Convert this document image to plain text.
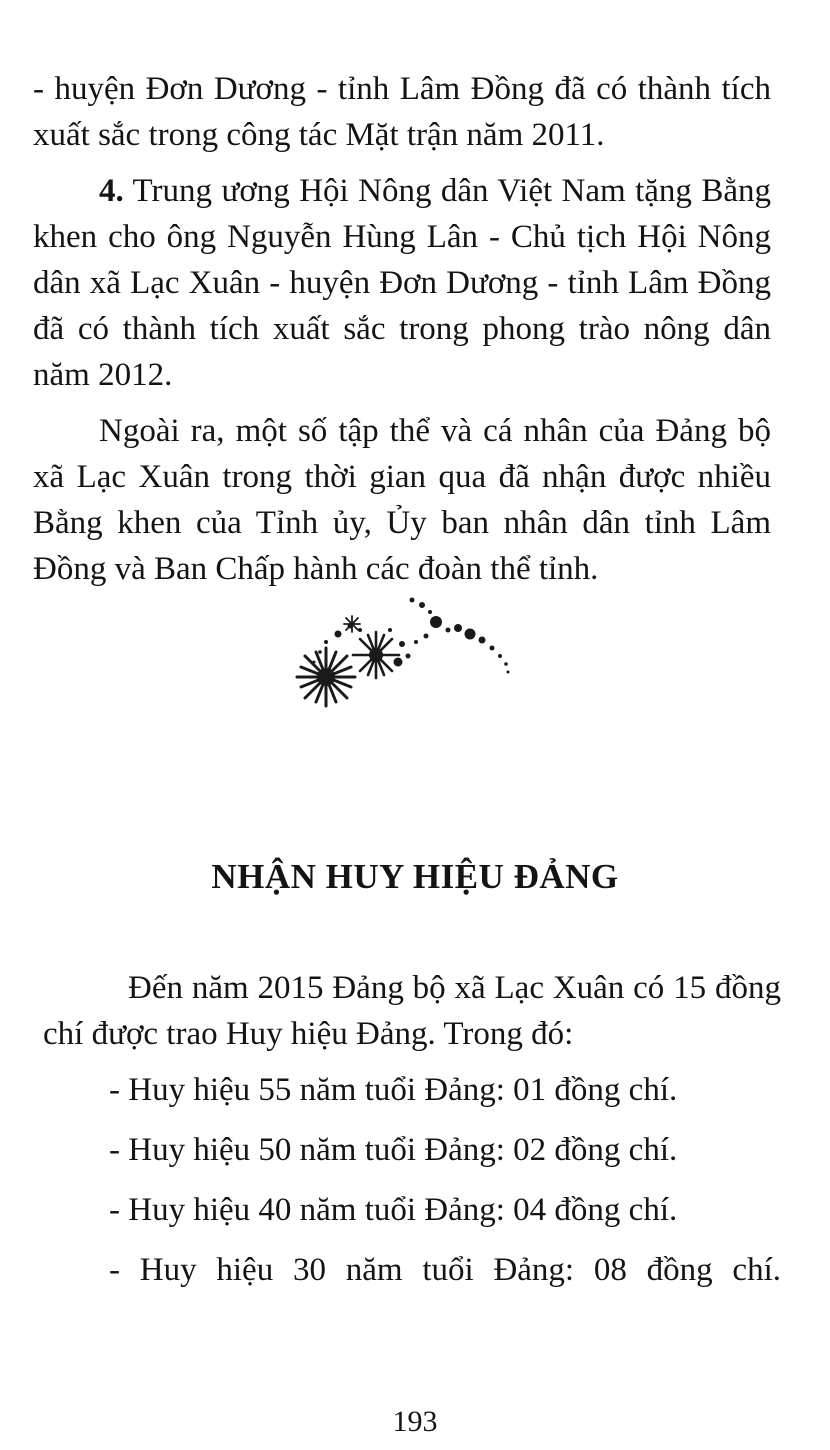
- huyện Đơn Dương - tỉnh Lâm Đồng đã có thành tích xuất sắc trong công tác Mặt trận năm 2011.

4. Trung ương Hội Nông dân Việt Nam tặng Bằng khen cho ông Nguyễn Hùng Lân - Chủ tịch Hội Nông dân xã Lạc Xuân - huyện Đơn Dương - tỉnh Lâm Đồng đã có thành tích xuất sắc trong phong trào nông dân năm 2012.

Ngoài ra, một số tập thể và cá nhân của Đảng bộ xã Lạc Xuân trong thời gian qua đã nhận được nhiều Bằng khen của Tỉnh ủy, Ủy ban nhân dân tỉnh Lâm Đồng và Ban Chấp hành các đoàn thể tỉnh.

NHẬN HUY HIỆU ĐẢNG

Đến năm 2015 Đảng bộ xã Lạc Xuân có 15 đồng chí được trao Huy hiệu Đảng. Trong đó:

- Huy hiệu 55 năm tuổi Đảng: 01 đồng chí.
- Huy hiệu 50 năm tuổi Đảng: 02 đồng chí.
- Huy hiệu 40 năm tuổi Đảng: 04 đồng chí.
- Huy hiệu 30 năm tuổi Đảng: 08 đồng chí.
193
